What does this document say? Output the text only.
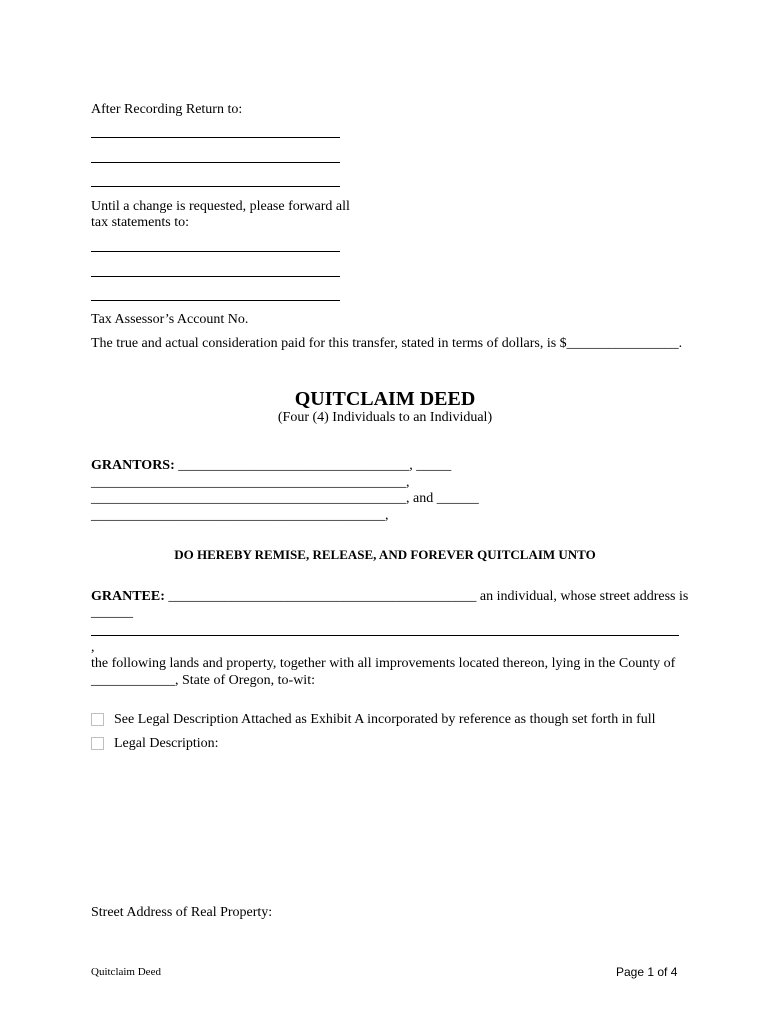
After Recording Return to:
Until a change is requested, please forward all
tax statements to:
Tax Assessor’s Account No.
The true and actual consideration paid for this transfer, stated in terms of dollars, is $________________.
QUITCLAIM DEED
(Four (4) Individuals to an Individual)
GRANTORS: _________________________________, _____
_____________________________________________,
_____________________________________________, and ______
__________________________________________,
DO HEREBY REMISE, RELEASE, AND FOREVER QUITCLAIM UNTO
GRANTEE: ____________________________________________ an individual, whose street address is
______
,
the following lands and property, together with all improvements located thereon, lying in the County of
____________, State of Oregon, to-wit:
See Legal Description Attached as Exhibit A incorporated by reference as though set forth in full
Legal Description:
Street Address of Real Property:
Quitclaim Deed	Page 1 of 4
